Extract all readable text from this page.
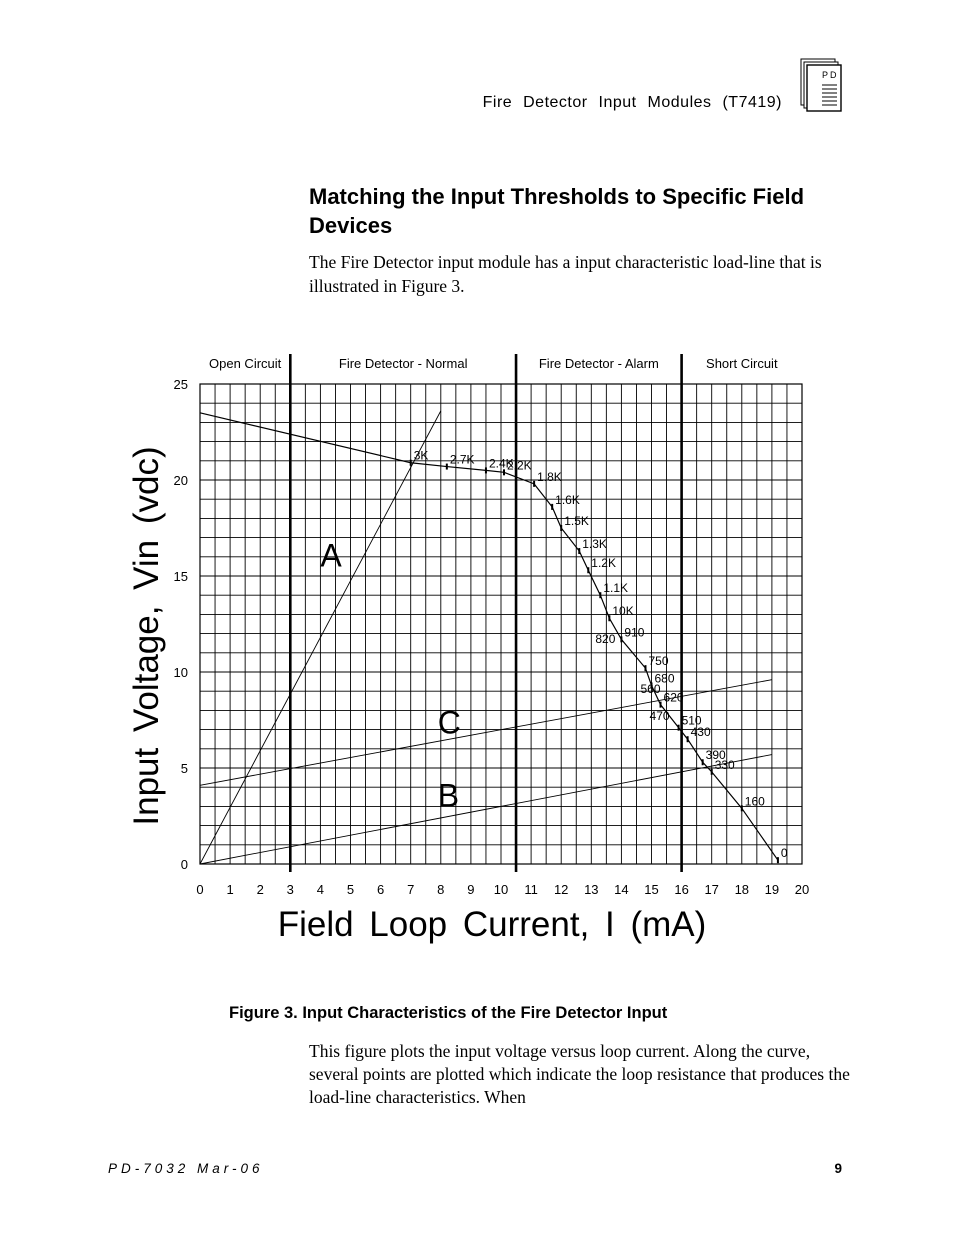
Fire Detector Input Modules (T7419)
PD
Matching the Input Thresholds to Specific Field Devices
The Fire Detector input module has a input characteristic load-line that is illustrated in Figure 3.
Open Circuit	Fire Detector - Normal	Fire Detector - Alarm	Short Circuit
3K 2.7K 2.4K
2.2K
1.8K
1.6K
1.5K
1.3K
1.2K
1.1K
10K
910
750
680
620
510
430
390
330
160
0
A
C
B
820
560
470
0 1 2 3 4 5 6 7 8 9 10 11 12 13 14 15 16 17 18 19 20
0
5
10
15
20
25
Field Loop Current, I (mA)
Input Voltage, Vin (vdc)
Figure 3. Input Characteristics of the Fire Detector Input
This figure plots the input voltage versus loop current. Along the curve, several points are plotted which indicate the loop resistance that produces the load-line characteristics. When
PD-7032 Mar-06	9
